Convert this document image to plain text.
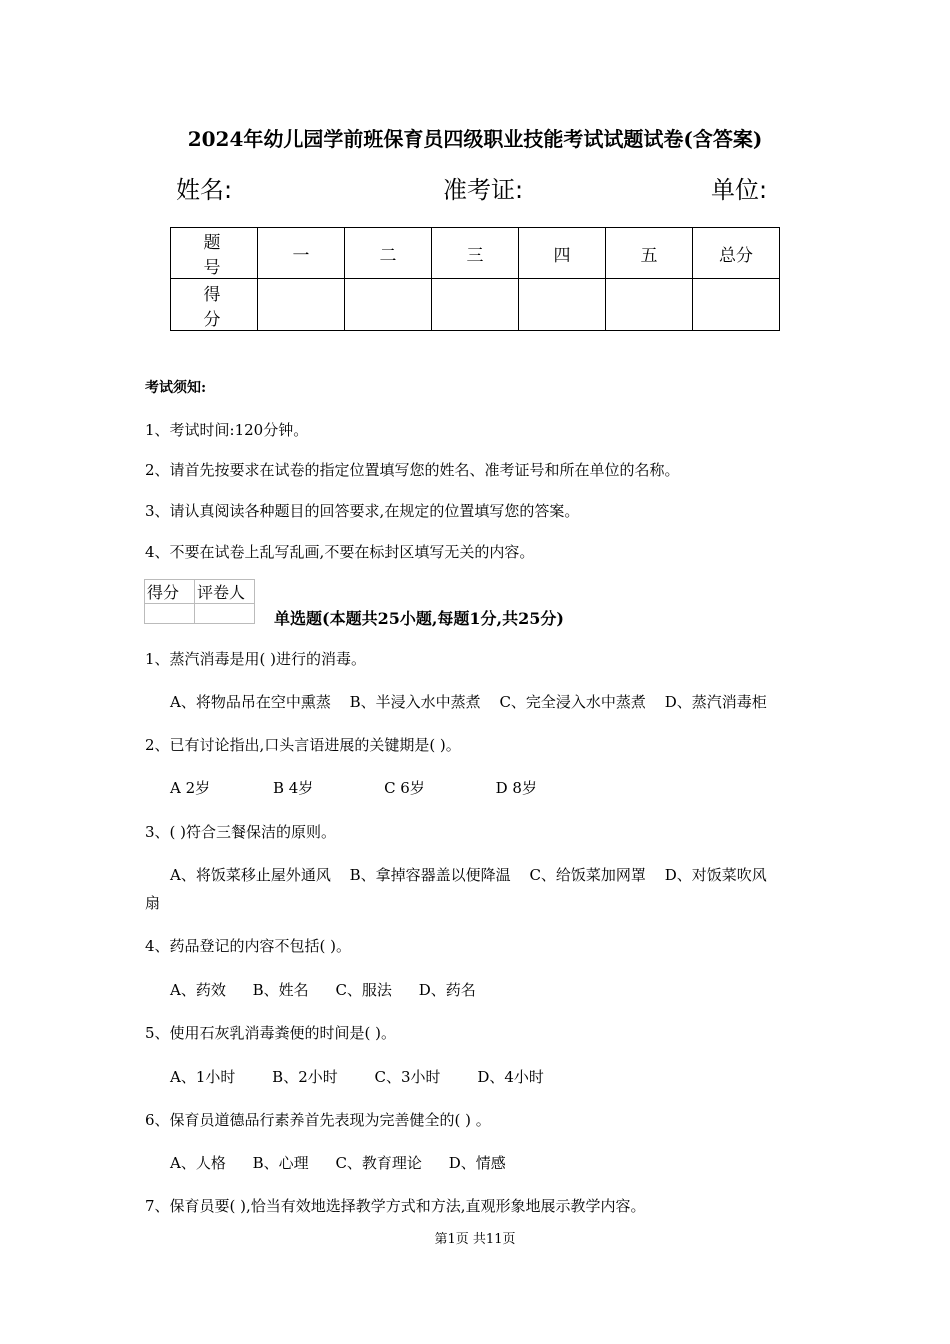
2024年幼儿园学前班保育员四级职业技能考试试题试卷(含答案)
姓名:	准考证:	单位:
题 号	一	二	三	四	五	总分
得 分						
考试须知:
1、考试时间:120分钟。
2、请首先按要求在试卷的指定位置填写您的姓名、准考证号和所在单位的名称。
3、请认真阅读各种题目的回答要求,在规定的位置填写您的答案。
4、不要在试卷上乱写乱画,不要在标封区填写无关的内容。
得分	评卷人

单选题(本题共25小题,每题1分,共25分)
1、蒸汽消毒是用( )进行的消毒。
A、将物品吊在空中熏蒸 B、半浸入水中蒸煮 C、完全浸入水中蒸煮 D、蒸汽消毒柜
2、已有讨论指出,口头言语进展的关键期是( )。
A 2岁	B 4岁	C 6岁	D 8岁
3、( )符合三餐保洁的原则。
A、将饭菜移止屋外通风 B、拿掉容器盖以便降温 C、给饭菜加网罩 D、对饭菜吹风
扇
4、药品登记的内容不包括( )。
A、药效 B、姓名 C、服法 D、药名
5、使用石灰乳消毒粪便的时间是( )。
A、1小时 B、2小时 C、3小时 D、4小时
6、保育员道德品行素养首先表现为完善健全的( ) 。
A、人格 B、心理 C、教育理论 D、情感
7、保育员要( ),恰当有效地选择教学方式和方法,直观形象地展示教学内容。
第1页 共11页
